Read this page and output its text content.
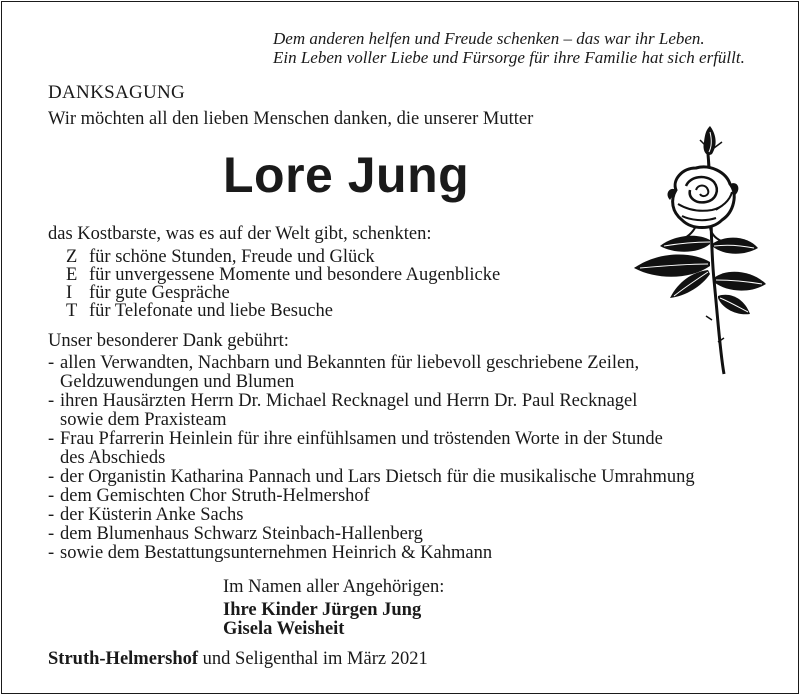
Dem anderen helfen und Freude schenken – das war ihr Leben.
Ein Leben voller Liebe und Fürsorge für ihre Familie hat sich erfüllt.
DANKSAGUNG
Wir möchten all den lieben Menschen danken, die unserer Mutter
Lore Jung
das Kostbarste, was es auf der Welt gibt, schenkten:
Z für schöne Stunden, Freude und Glück
E für unvergessene Momente und besondere Augenblicke
I für gute Gespräche
T für Telefonate und liebe Besuche
Unser besonderer Dank gebührt:
- allen Verwandten, Nachbarn und Bekannten für liebevoll geschriebene Zeilen,
Geldzuwendungen und Blumen
- ihren Hausärzten Herrn Dr. Michael Recknagel und Herrn Dr. Paul Recknagel
sowie dem Praxisteam
- Frau Pfarrerin Heinlein für ihre einfühlsamen und tröstenden Worte in der Stunde
des Abschieds
- der Organistin Katharina Pannach und Lars Dietsch für die musikalische Umrahmung
- dem Gemischten Chor Struth-Helmershof
- der Küsterin Anke Sachs
- dem Blumenhaus Schwarz Steinbach-Hallenberg
- sowie dem Bestattungsunternehmen Heinrich & Kahmann
Im Namen aller Angehörigen:
Ihre Kinder Jürgen Jung
Gisela Weisheit
Struth-Helmershof und Seligenthal im März 2021
